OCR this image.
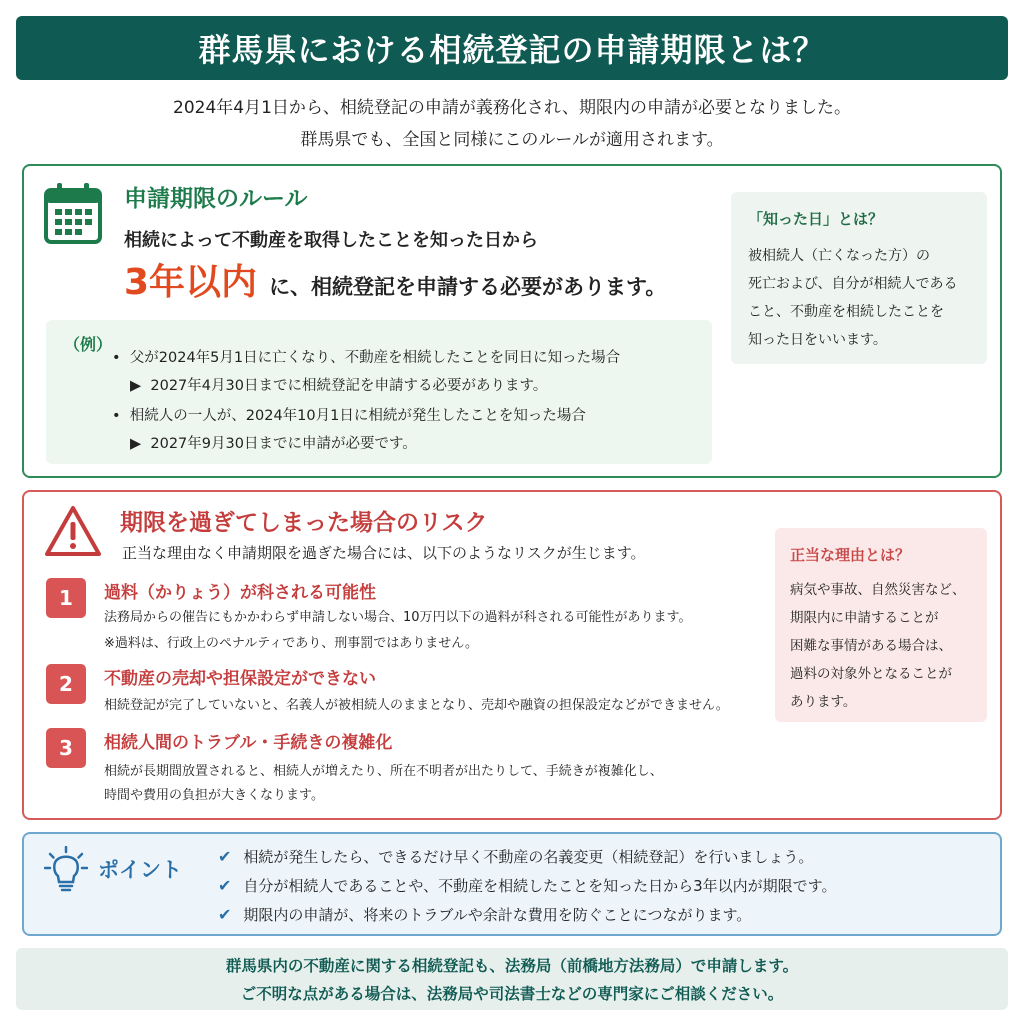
群馬県における相続登記の申請期限とは？
2024年4月1日から、相続登記の申請が義務化され、期限内の申請が必要となりました。
群馬県でも、全国と同様にこのルールが適用されます。
申請期限のルール
相続によって不動産を取得したことを知った日から
3年以内 に、相続登記を申請する必要があります。
（例）
• 父が2024年5月1日に亡くなり、不動産を相続したことを同日に知った場合
▶ 2027年4月30日までに相続登記を申請する必要があります。
• 相続人の一人が、2024年10月1日に相続が発生したことを知った場合
▶ 2027年9月30日までに申請が必要です。
「知った日」とは？
被相続人（亡くなった方）の
死亡および、自分が相続人である
こと、不動産を相続したことを
知った日をいいます。
期限を過ぎてしまった場合のリスク
正当な理由なく申請期限を過ぎた場合には、以下のようなリスクが生じます。
1	過料（かりょう）が科される可能性
法務局からの催告にもかかわらず申請しない場合、10万円以下の過料が科される可能性があります。
※過料は、行政上のペナルティであり、刑事罰ではありません。
2	不動産の売却や担保設定ができない
相続登記が完了していないと、名義人が被相続人のままとなり、売却や融資の担保設定などができません。
3	相続人間のトラブル・手続きの複雑化
相続が長期間放置されると、相続人が増えたり、所在不明者が出たりして、手続きが複雑化し、
時間や費用の負担が大きくなります。
正当な理由とは？
病気や事故、自然災害など、
期限内に申請することが
困難な事情がある場合は、
過料の対象外となることが
あります。
ポイント
✔ 相続が発生したら、できるだけ早く不動産の名義変更（相続登記）を行いましょう。
✔ 自分が相続人であることや、不動産を相続したことを知った日から3年以内が期限です。
✔ 期限内の申請が、将来のトラブルや余計な費用を防ぐことにつながります。
群馬県内の不動産に関する相続登記も、法務局（前橋地方法務局）で申請します。
ご不明な点がある場合は、法務局や司法書士などの専門家にご相談ください。
